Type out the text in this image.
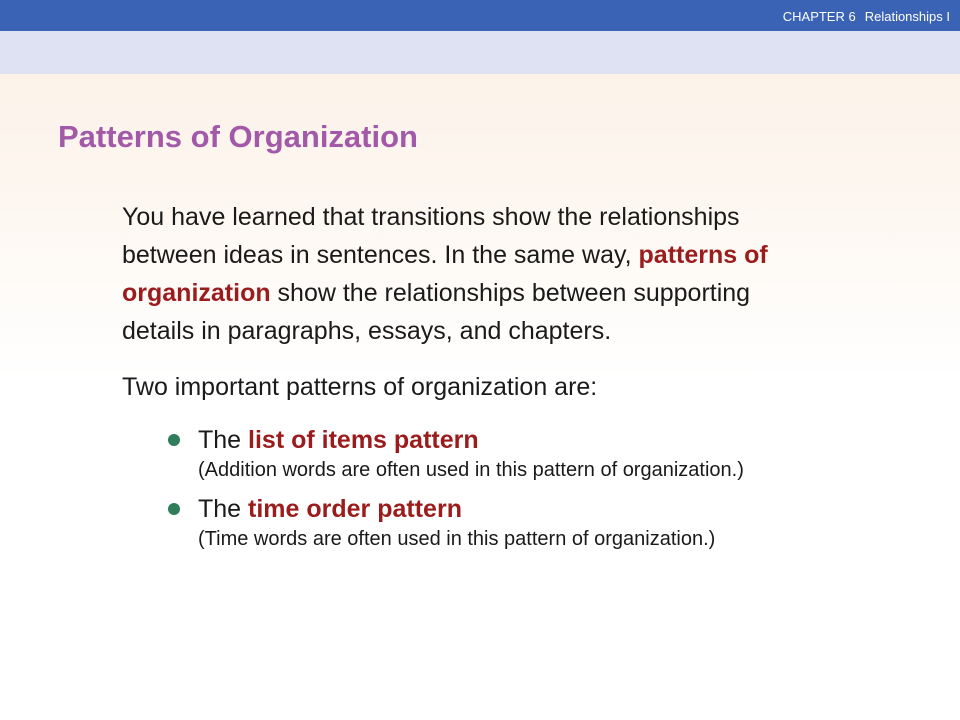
CHAPTER 6 Relationships I
Patterns of Organization
You have learned that transitions show the relationships between ideas in sentences. In the same way, patterns of organization show the relationships between supporting details in paragraphs, essays, and chapters.
Two important patterns of organization are:
The list of items pattern
(Addition words are often used in this pattern of organization.)
The time order pattern
(Time words are often used in this pattern of organization.)
